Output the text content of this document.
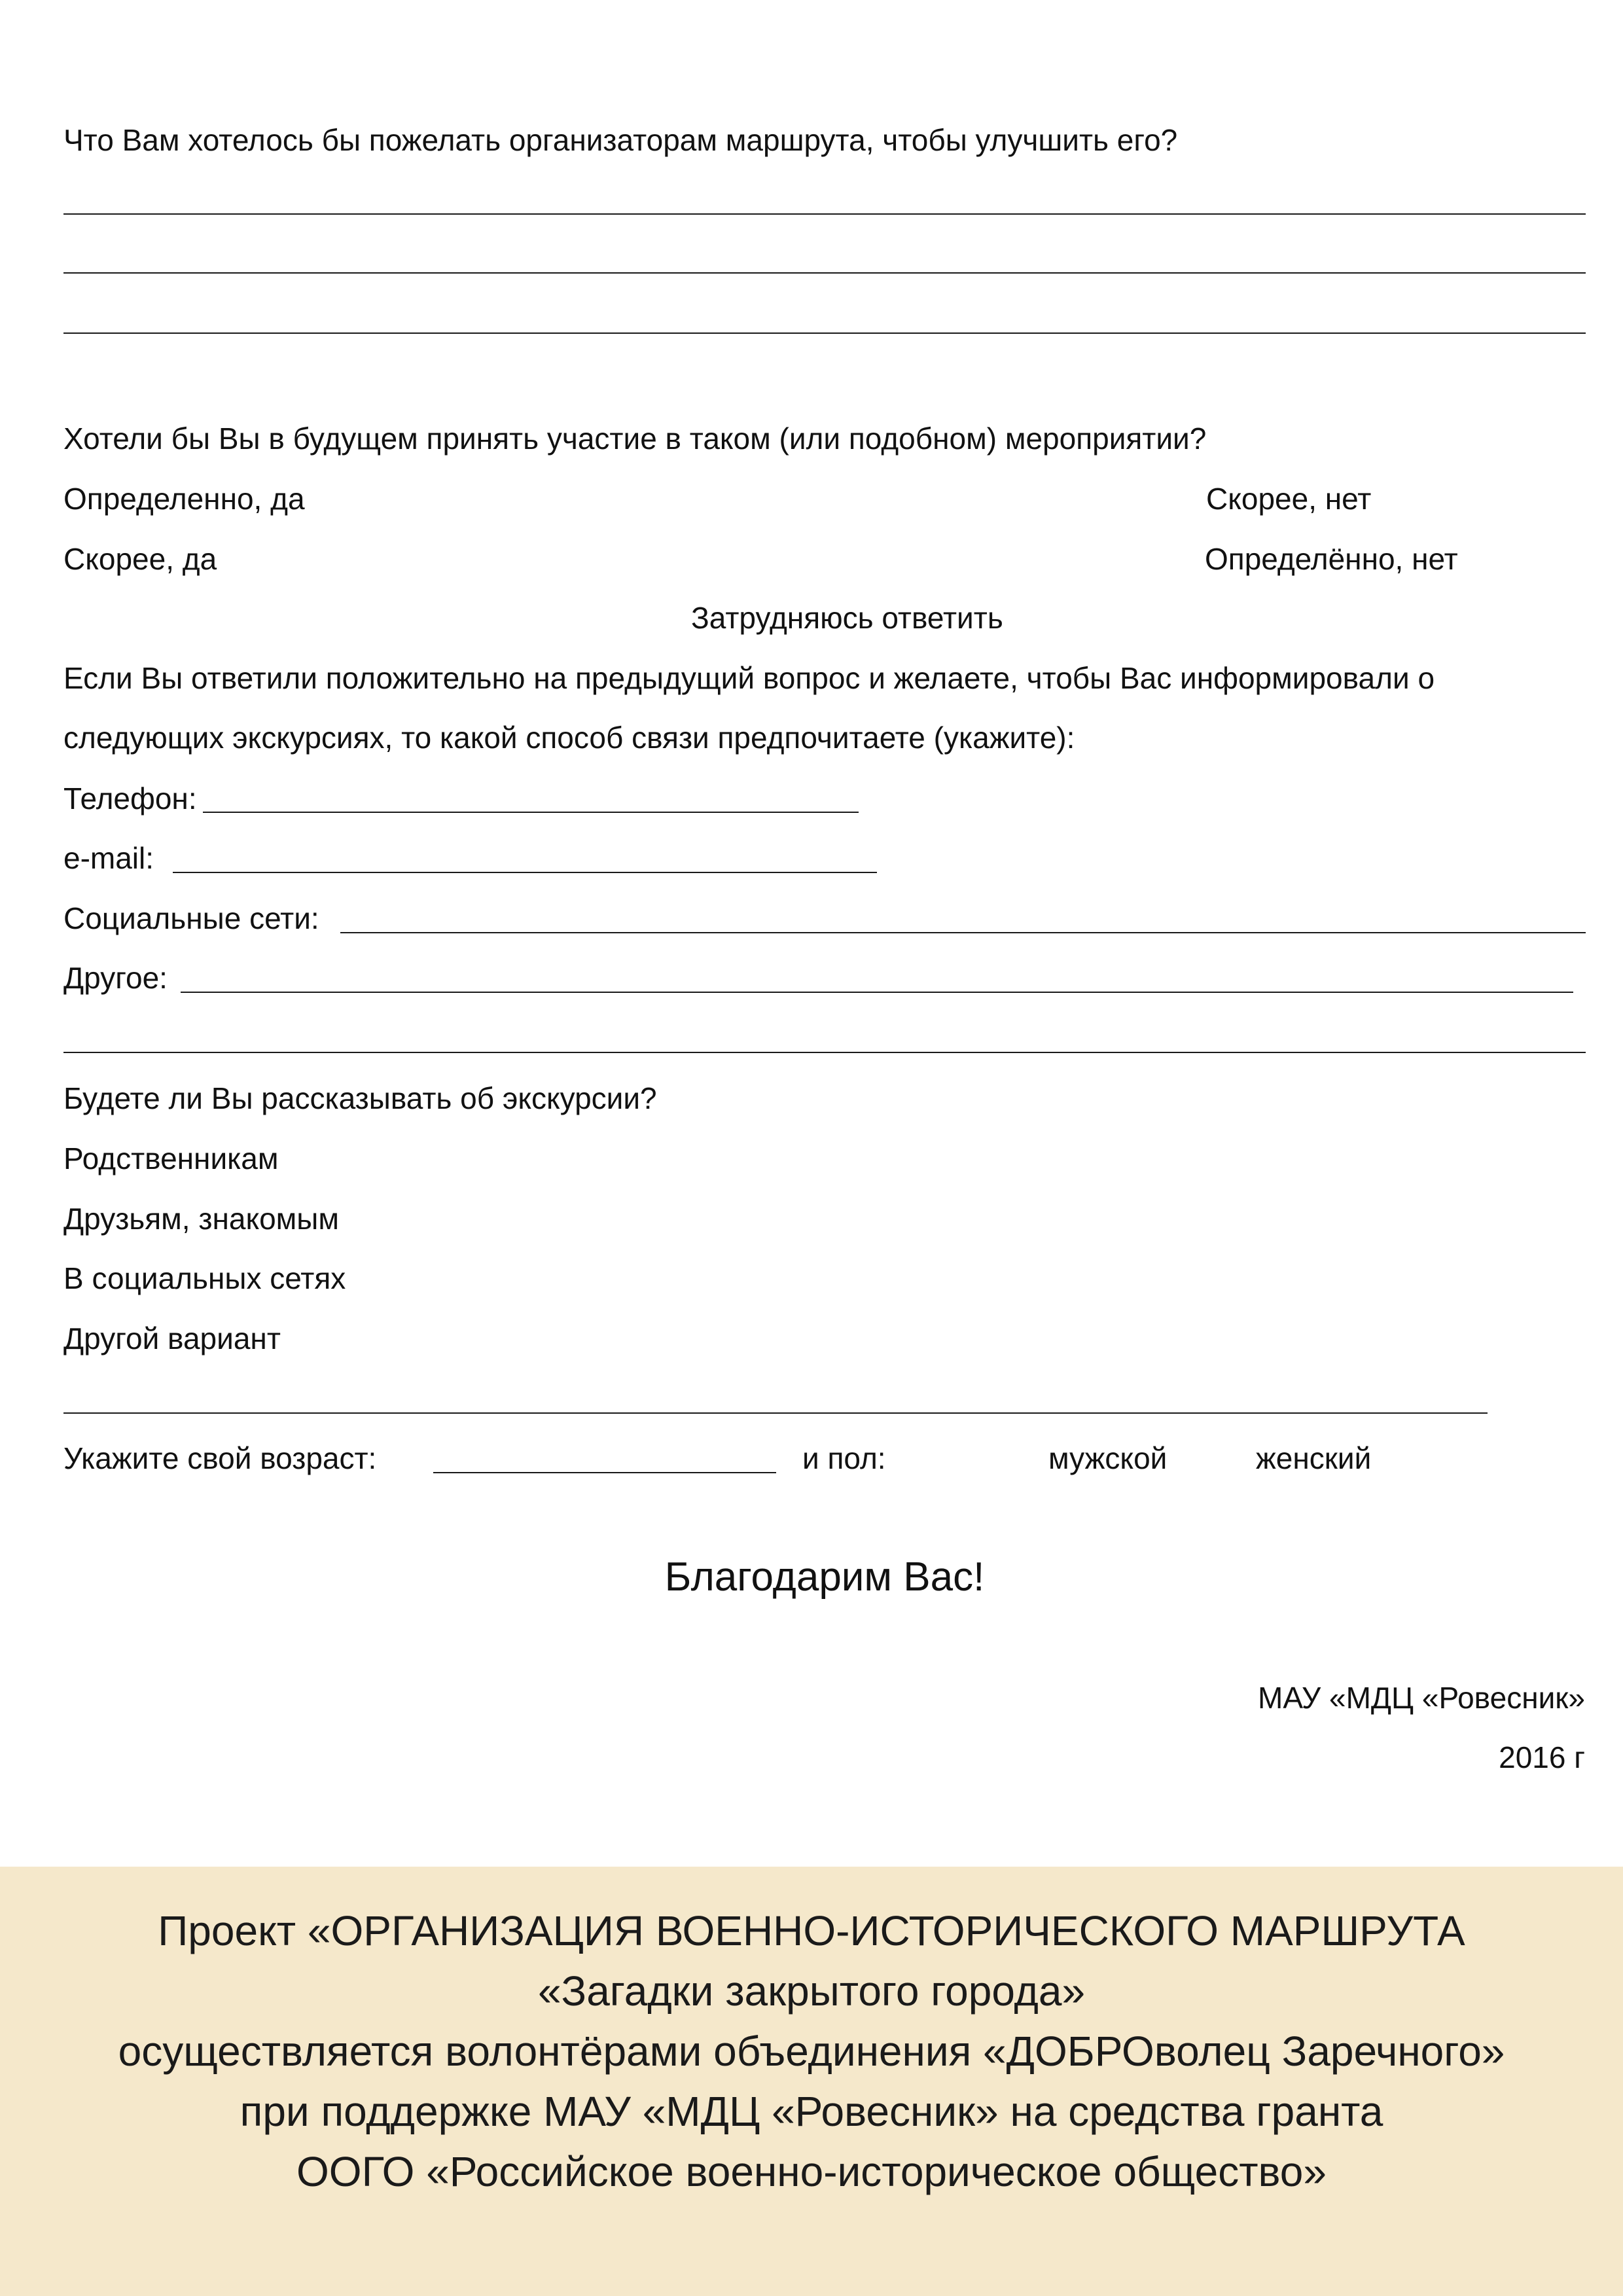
Что Вам хотелось бы пожелать организаторам маршрута, чтобы улучшить его?
Хотели бы Вы в будущем принять участие в таком (или подобном) мероприятии?
Определенно, да	Скорее, нет
Скорее, да	Определённо, нет
Затрудняюсь ответить
Если Вы ответили положительно на предыдущий вопрос и желаете, чтобы Вас информировали о
следующих экскурсиях, то какой способ связи предпочитаете (укажите):
Телефон:
e-mail:
Социальные сети:
Другое:
Будете ли Вы рассказывать об экскурсии?
Родственникам
Друзьям, знакомым
В социальных сетях
Другой вариант
Укажите свой возраст:	и пол:	мужской	женский
Благодарим Вас!
МАУ «МДЦ «Ровесник»
2016 г
Проект «ОРГАНИЗАЦИЯ ВОЕННО-ИСТОРИЧЕСКОГО МАРШРУТА
«Загадки закрытого города»
осуществляется волонтёрами объединения «ДОБРОволец Заречного»
при поддержке МАУ «МДЦ «Ровесник» на средства гранта
ООГО «Российское военно-историческое общество»
